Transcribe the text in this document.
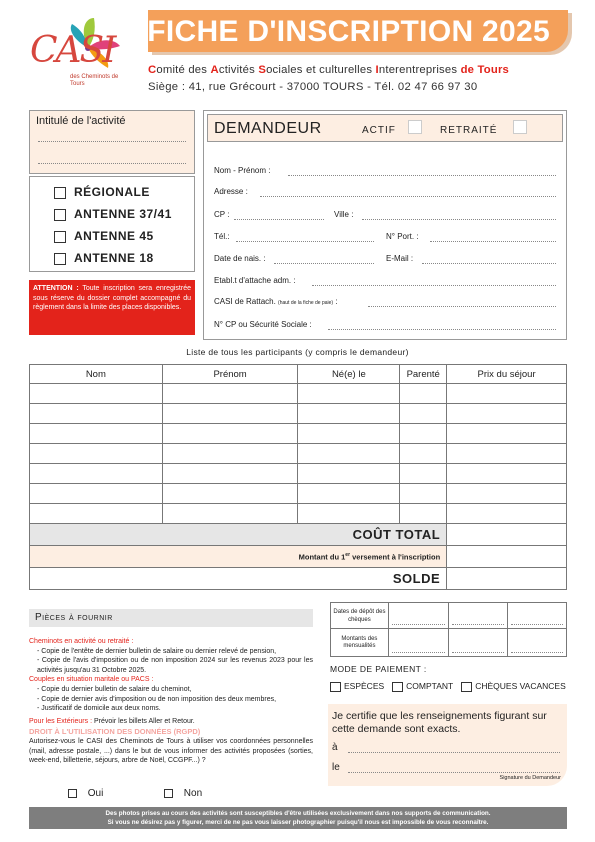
CASI
des Cheminots de Tours
FICHE D'INSCRIPTION 2025
Comité des Activités Sociales et culturelles Interentreprises de Tours
Siège : 41, rue Grécourt - 37000 TOURS - Tél. 02 47 66 97 30
Intitulé de l'activité
RÉGIONALE
ANTENNE 37/41
ANTENNE 45
ANTENNE 18
ATTENTION : Toute inscription sera enregistrée sous réserve du dossier complet accompagné du règlement dans la limite des places disponibles.
DEMANDEUR	ACTIF	RETRAITÉ
Nom - Prénom :
Adresse :
CP :	Ville :
Tél.:	N° Port. :
Date de nais. :	E-Mail :
Etabl.t d'attache adm. :
CASI de Rattach. (haut de la fiche de paie) :
N° CP ou Sécurité Sociale :
Liste de tous les participants (y compris le demandeur)
Nom	Prénom	Né(e) le	Parenté	Prix du séjour

COÛT TOTAL				
Montant du 1er versement à l'inscription				
SOLDE				
Pièces à fournir
Cheminots en activité ou retraité :
- Copie de l'entête de dernier bulletin de salaire ou dernier relevé de pension,
- Copie de l'avis d'imposition ou de non imposition 2024 sur les revenus 2023 pour les activités jusqu'au 31 Octobre 2025.
Couples en situation maritale ou PACS :
- Copie du dernier bulletin de salaire du cheminot,
- Copie de dernier avis d'imposition ou de non imposition des deux membres,
- Justificatif de domicile aux deux noms.
Pour les Extérieurs : Prévoir les billets Aller et Retour.
DROIT À L'UTILISATION DES DONNÉES (RGPD)
Autorisez-vous le CASI des Cheminots de Tours à utiliser vos coordonnées personnelles (mail, adresse postale, ...) dans le but de vous informer des activités proposées (sorties, week-end, billetterie, séjours, arbre de Noël, CCGPF...) ?
Oui	Non
Dates de dépôt des chèques	

Montants des mensualités	

MODE DE PAIEMENT :
ESPÈCES	COMPTANT	CHÈQUES VACANCES
Je certifie que les renseignements figurant sur cette demande sont exacts.
à
le
Signature du Demandeur
Des photos prises au cours des activités sont susceptibles d'être utilisées exclusivement dans nos supports de communication.
Si vous ne désirez pas y figurer, merci de ne pas vous laisser photographier puisqu'il nous est impossible de vous reconnaître.
